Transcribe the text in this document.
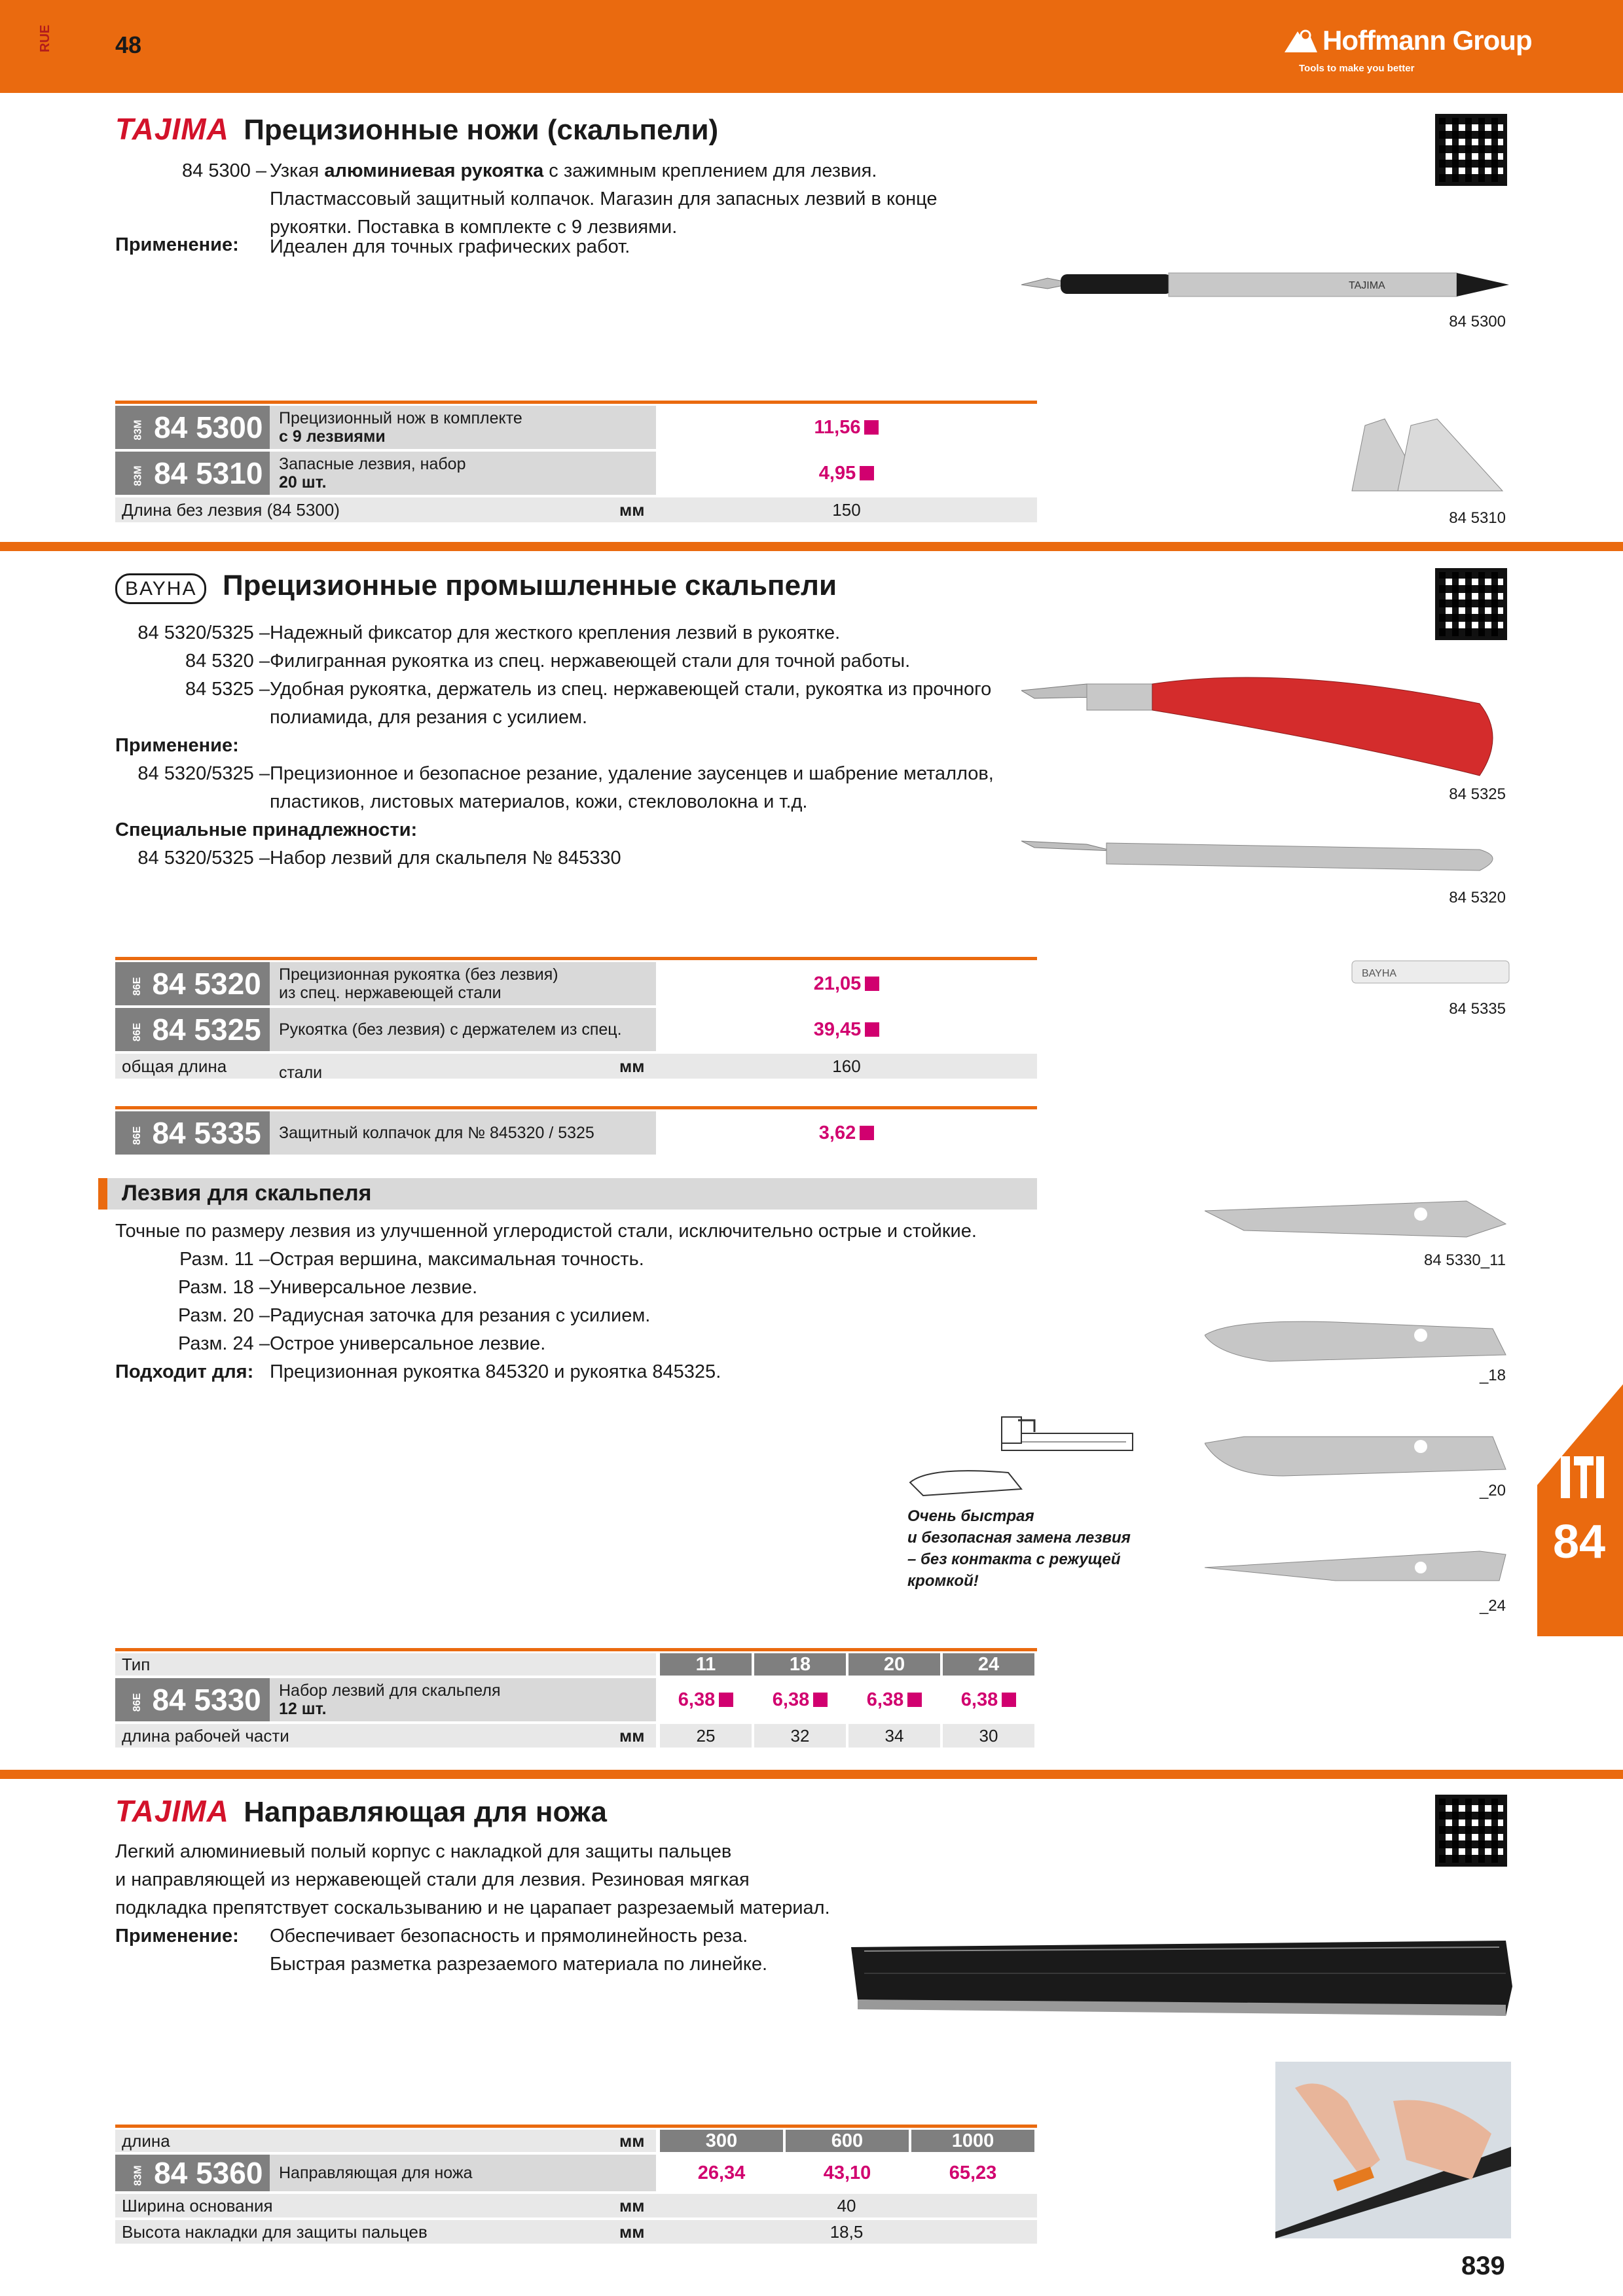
RUE	48	Hoffmann Group
Tools to make you better
TAJIMA Прецизионные ножи (скальпели)
84 5300 – Узкая алюминиевая рукоятка с зажимным креплением для лезвия.
Пластмассовый защитный колпачок. Магазин для запасных лезвий в конце
рукоятки. Поставка в комплекте с 9 лезвиями.
Применение: Идеален для точных графических работ.
TAJIMA
84 5300
84 5310
83M 84 5300 Прецизионный нож в комплекте
с 9 лезвиями	11,56
83M 84 5310 Запасные лезвия, набор
20 шт.	4,95
Длина без лезвия (84 5300)	мм	150
BAYHA Прецизионные промышленные скальпели
84 5320/5325 – Надежный фиксатор для жесткого крепления лезвий в рукоятке.
84 5320 – Филигранная рукоятка из спец. нержавеющей стали для точной работы.
84 5325 – Удобная рукоятка, держатель из спец. нержавеющей стали, рукоятка из прочного
полиамида, для резания с усилием.
Применение:
84 5320/5325 – Прецизионное и безопасное резание, удаление заусенцев и шабрение металлов,
пластиков, листовых материалов, кожи, стекловолокна и т.д.
Специальные принадлежности:
84 5320/5325 – Набор лезвий для скальпеля № 845330
84 5325
84 5320
BAYHA
84 5335
86E 84 5320	Прецизионная рукоятка (без лезвия)
из спец. нержавеющей стали	21,05
86E 84 5325	Рукоятка (без лезвия) с держателем из спец. стали
39,45
общая длина	мм	160
86E 84 5335	Защитный колпачок для № 845320 / 5325	3,62
Лезвия для скальпеля
Точные по размеру лезвия из улучшенной углеродистой стали, исключительно острые и стойкие.
Разм. 11 – Острая вершина, максимальная точность.
Разм. 18 – Универсальное лезвие.
Разм. 20 – Радиусная заточка для резания с усилием.
Разм. 24 – Острое универсальное лезвие.
Подходит для: Прецизионная рукоятка 845320 и рукоятка 845325.
84 5330_11
_18
_20
_24
Очень быстрая
и безопасная замена лезвия
– без контакта с режущей
кромкой!
Тип	11	18	20	24
86E 84 5330	Набор лезвий для скальпеля
12 шт.	6,38	6,38	6,38	6,38
длина рабочей части	мм	25	32	34	30
TAJIMA Направляющая для ножа
Легкий алюминиевый полый корпус с накладкой для защиты пальцев
и направляющей из нержавеющей стали для лезвия. Резиновая мягкая
подкладка препятствует соскальзыванию и не царапает разрезаемый материал.
Применение:	Обеспечивает безопасность и прямолинейность реза.
Быстрая разметка разрезаемого материала по линейке.
длина	мм	300	600	1000
83M 84 5360 Направляющая для ножа	26,34	43,10	65,23
Ширина основания	мм	40
Высота накладки для защиты пальцев	мм	18,5
84
839
